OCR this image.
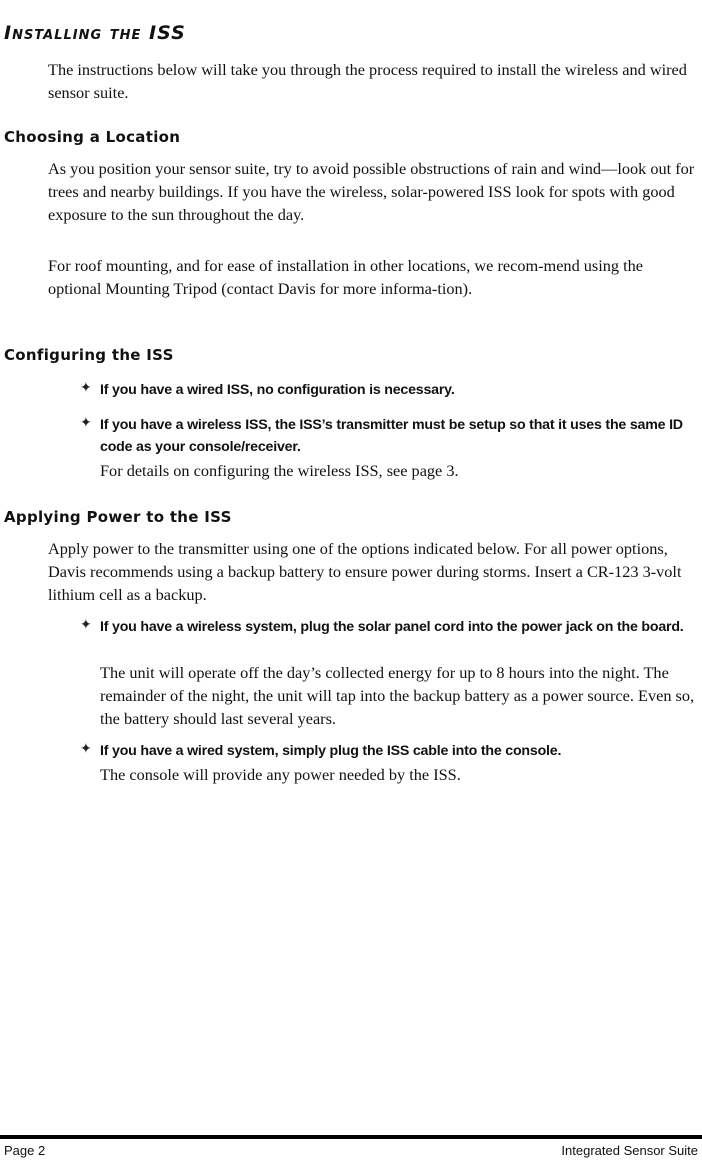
Installing the ISS

The instructions below will take you through the process required to install the wireless and wired sensor suite.

Choosing a Location

As you position your sensor suite, try to avoid possible obstructions of rain and wind—look out for trees and nearby buildings. If you have the wireless, solar-powered ISS look for spots with good exposure to the sun throughout the day.

For roof mounting, and for ease of installation in other locations, we recom-mend using the optional Mounting Tripod (contact Davis for more informa-tion).

Configuring the ISS
✦ If you have a wired ISS, no configuration is necessary.

✦ If you have a wireless ISS, the ISS’s transmitter must be setup so that it uses the same ID code as your console/receiver.

For details on configuring the wireless ISS, see page 3.

Applying Power to the ISS

Apply power to the transmitter using one of the options indicated below. For all power options, Davis recommends using a backup battery to ensure power during storms. Insert a CR-123 3-volt lithium cell as a backup.

✦ If you have a wireless system, plug the solar panel cord into the power jack on the board.

The unit will operate off the day’s collected energy for up to 8 hours into the night. The remainder of the night, the unit will tap into the backup battery as a power source. Even so, the battery should last several years.

✦ If you have a wired system, simply plug the ISS cable into the console.

The console will provide any power needed by the ISS.

Page 2	Integrated Sensor Suite
